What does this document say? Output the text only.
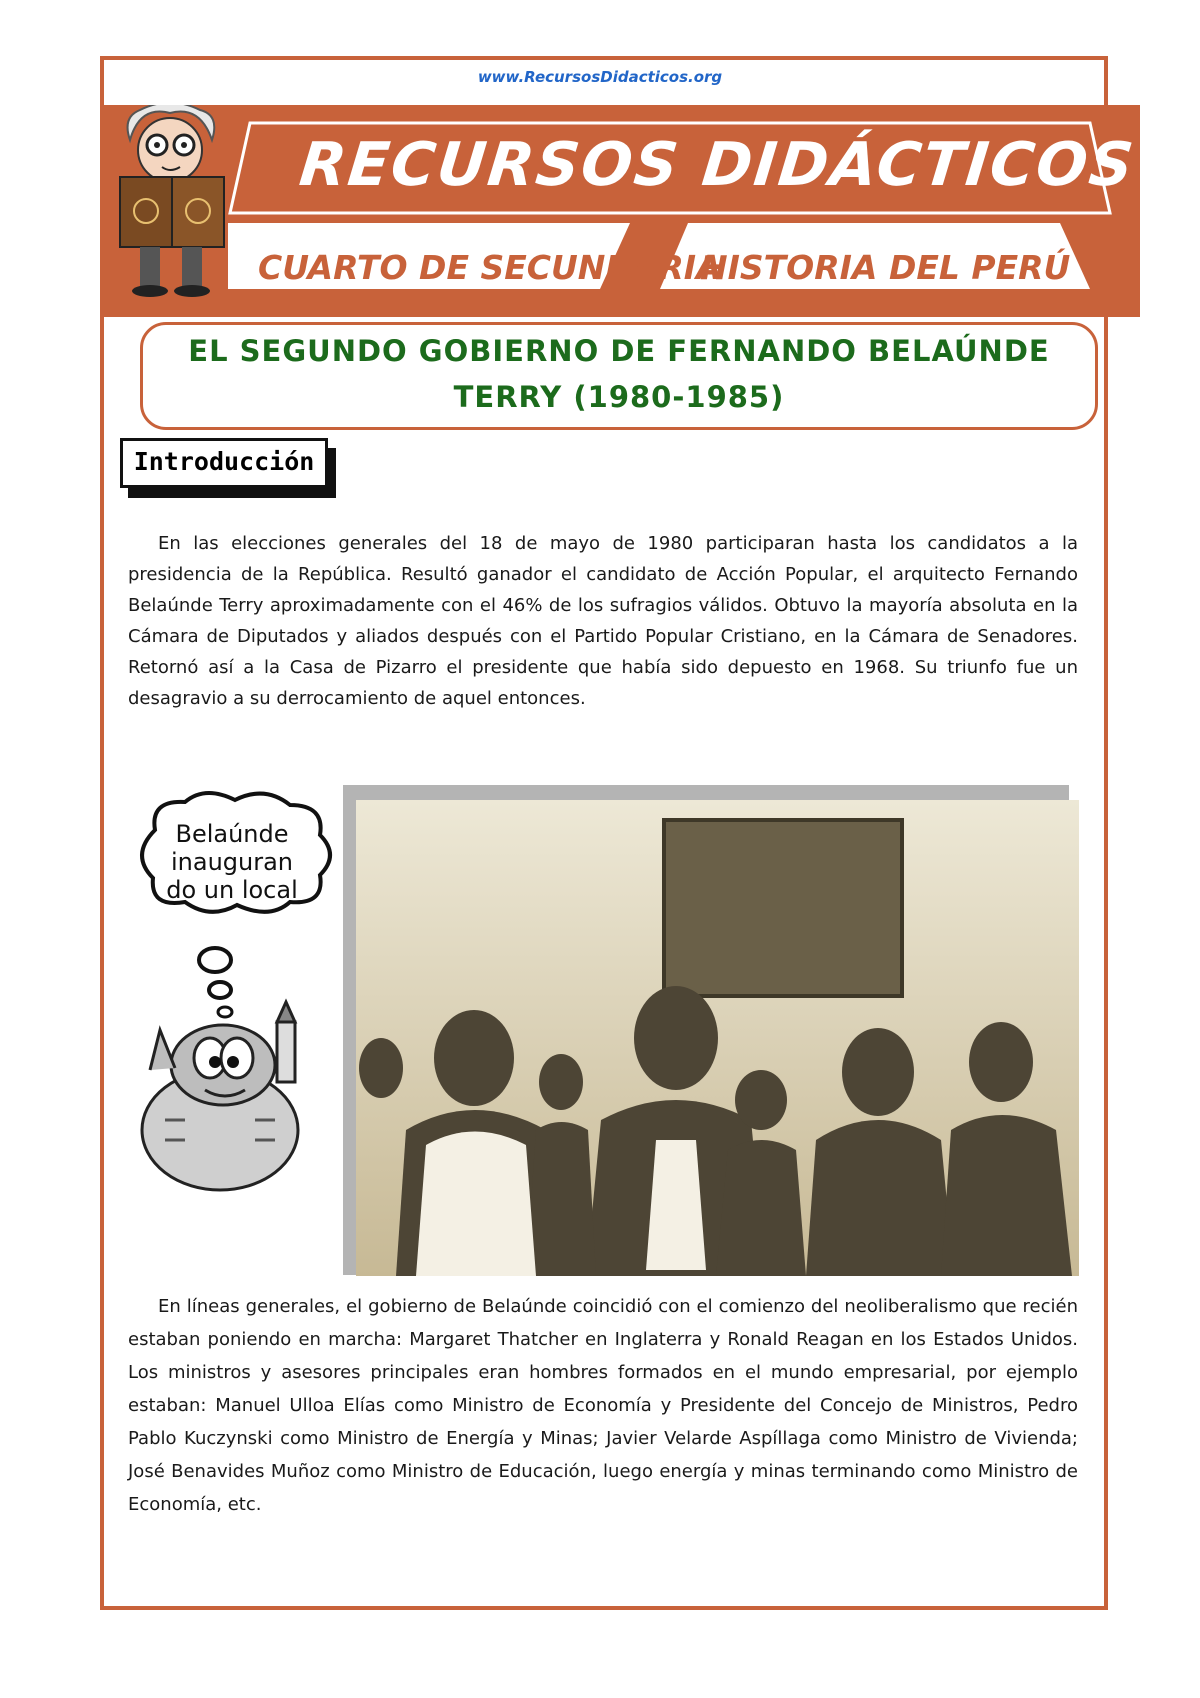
www.RecursosDidacticos.org
RECURSOS DIDÁCTICOS
CUARTO DE SECUNDARIA
HISTORIA DEL PERÚ
EL SEGUNDO GOBIERNO DE FERNANDO BELAÚNDE
TERRY (1980-1985)
Introducción
En las elecciones generales del 18 de mayo de 1980 participaran hasta los candidatos a la presidencia de la República. Resultó ganador el candidato de Acción Popular, el arquitecto Fernando Belaúnde Terry aproximadamente con el 46% de los sufragios válidos. Obtuvo la mayoría absoluta en la Cámara de Diputados y aliados después con el Partido Popular Cristiano, en la Cámara de Senadores. Retornó así a la Casa de Pizarro el presidente que había sido depuesto en 1968. Su triunfo fue un desagravio a su derrocamiento de aquel entonces.
Belaúnde
inauguran
do un local
En líneas generales, el gobierno de Belaúnde coincidió con el comienzo del neoliberalismo que recién estaban poniendo en marcha: Margaret Thatcher en Inglaterra y Ronald Reagan en los Estados Unidos. Los ministros y asesores principales eran hombres formados en el mundo empresarial, por ejemplo estaban: Manuel Ulloa Elías como Ministro de Economía y Presidente del Concejo de Ministros, Pedro Pablo Kuczynski como Ministro de Energía y Minas; Javier Velarde Aspíllaga como Ministro de Vivienda; José Benavides Muñoz como Ministro de Educación, luego energía y minas terminando como Ministro de Economía, etc.
